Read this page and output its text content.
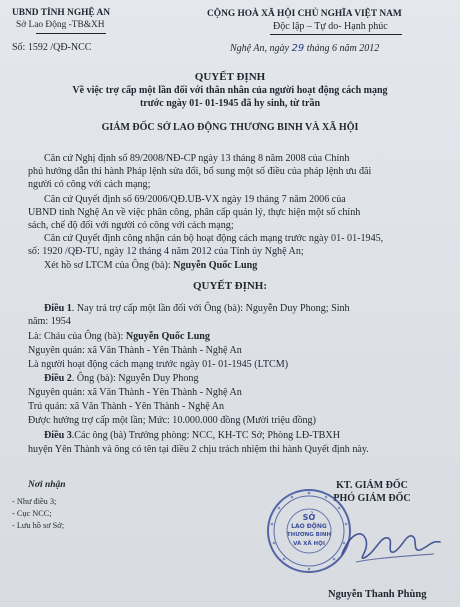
UBND TỈNH NGHỆ AN
Sở Lao Động -TB&XH
Số: 1592 /QĐ-NCC
CỘNG HOÀ XÃ HỘI CHỦ NGHĨA VIỆT NAM
Độc lập – Tự do- Hạnh phúc
Nghệ An, ngày 29 tháng 6 năm 2012
QUYẾT ĐỊNH
Về việc trợ cấp một lần đối với thân nhân của người hoạt động cách mạng
trước ngày 01- 01-1945 đã hy sinh, từ trần
GIÁM ĐỐC SỞ LAO ĐỘNG THƯƠNG BINH VÀ XÃ HỘI
Căn cứ Nghị định số 89/2008/NĐ-CP ngày 13 tháng 8 năm 2008 của Chính
phủ hướng dẫn thi hành Pháp lệnh sửa đổi, bổ sung một số điều của pháp lệnh ưu đãi
người có công với cách mạng;
Căn cứ Quyết định số 69/2006/QĐ.UB-VX ngày 19 tháng 7 năm 2006 của
UBND tỉnh Nghệ An về việc phân công, phân cấp quản lý, thực hiện một số chính
sách, chế độ đối với người có công với cách mạng;
Căn cứ Quyết định công nhận cán bộ hoạt động cách mạng trước ngày 01- 01-1945,
số: 1920 /QĐ-TU, ngày 12 tháng 4 năm 2012 của Tỉnh ủy Nghệ An;
Xét hồ sơ LTCM của Ông (bà): Nguyễn Quốc Lung
QUYẾT ĐỊNH:
Điều 1. Nay trả trợ cấp một lần đối với Ông (bà): Nguyễn Duy Phong; Sinh
năm: 1954
Là: Cháu của Ông (bà): Nguyễn Quốc Lung
Nguyên quán: xã Văn Thành - Yên Thành - Nghệ An
Là người hoạt động cách mạng trước ngày 01- 01-1945 (LTCM)
Điều 2. Ông (bà): Nguyễn Duy Phong
Nguyên quán: xã Văn Thành - Yên Thành - Nghệ An
Trú quán: xã Văn Thành - Yên Thành - Nghệ An
Được hưởng trợ cấp một lần; Mức: 10.000.000 đồng (Mười triệu đồng)
Điều 3.Các ông (bà) Trưởng phòng: NCC, KH-TC Sở; Phòng LĐ-TBXH
huyện Yên Thành và ông có tên tại điều 2 chịu trách nhiệm thi hành Quyết định này.
Nơi nhận
- Như điều 3;
- Cục NCC;
- Lưu hồ sơ Sở;
KT. GIÁM ĐỐC
PHÓ GIÁM ĐỐC
SỞ
LAO ĐỘNG
THƯƠNG BINH
VÀ XÃ HỘI
Nguyễn Thanh Phùng
